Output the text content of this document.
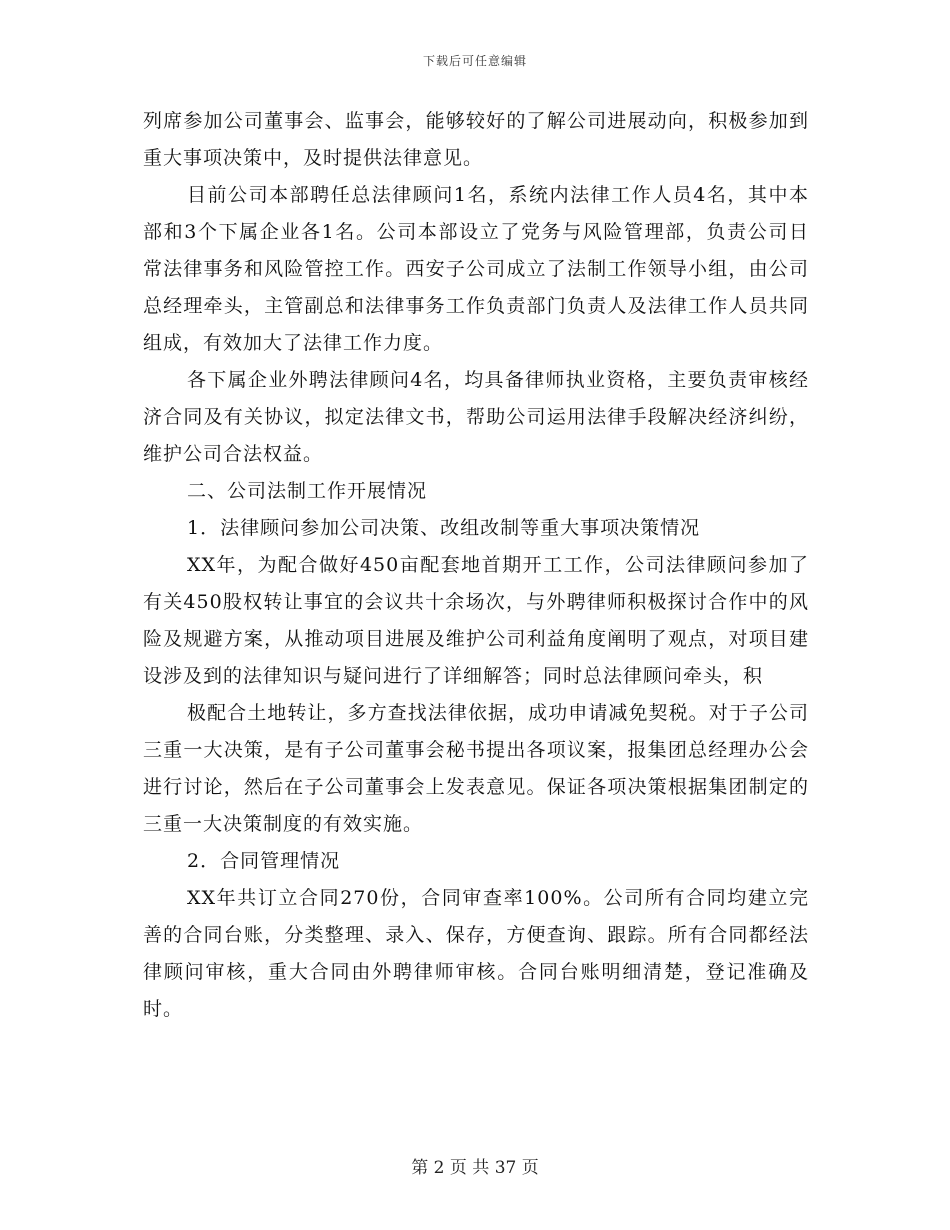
下载后可任意编辑

列席参加公司董事会、监事会，能够较好的了解公司进展动向，积极参加到重大事项决策中，及时提供法律意见。

目前公司本部聘任总法律顾问1名，系统内法律工作人员4名，其中本部和3个下属企业各1名。公司本部设立了党务与风险管理部，负责公司日常法律事务和风险管控工作。西安子公司成立了法制工作领导小组，由公司总经理牵头，主管副总和法律事务工作负责部门负责人及法律工作人员共同组成，有效加大了法律工作力度。

各下属企业外聘法律顾问4名，均具备律师执业资格，主要负责审核经济合同及有关协议，拟定法律文书，帮助公司运用法律手段解决经济纠纷，维护公司合法权益。

二、公司法制工作开展情况

1．法律顾问参加公司决策、改组改制等重大事项决策情况

XX年，为配合做好450亩配套地首期开工工作，公司法律顾问参加了有关450股权转让事宜的会议共十余场次，与外聘律师积极探讨合作中的风险及规避方案，从推动项目进展及维护公司利益角度阐明了观点，对项目建设涉及到的法律知识与疑问进行了详细解答；同时总法律顾问牵头，积

极配合土地转让，多方查找法律依据，成功申请减免契税。对于子公司三重一大决策，是有子公司董事会秘书提出各项议案，报集团总经理办公会进行讨论，然后在子公司董事会上发表意见。保证各项决策根据集团制定的三重一大决策制度的有效实施。

2．合同管理情况

XX年共订立合同270份，合同审查率100%。公司所有合同均建立完善的合同台账，分类整理、录入、保存，方便查询、跟踪。所有合同都经法律顾问审核，重大合同由外聘律师审核。合同台账明细清楚，登记准确及时。

第 2 页 共 37 页
